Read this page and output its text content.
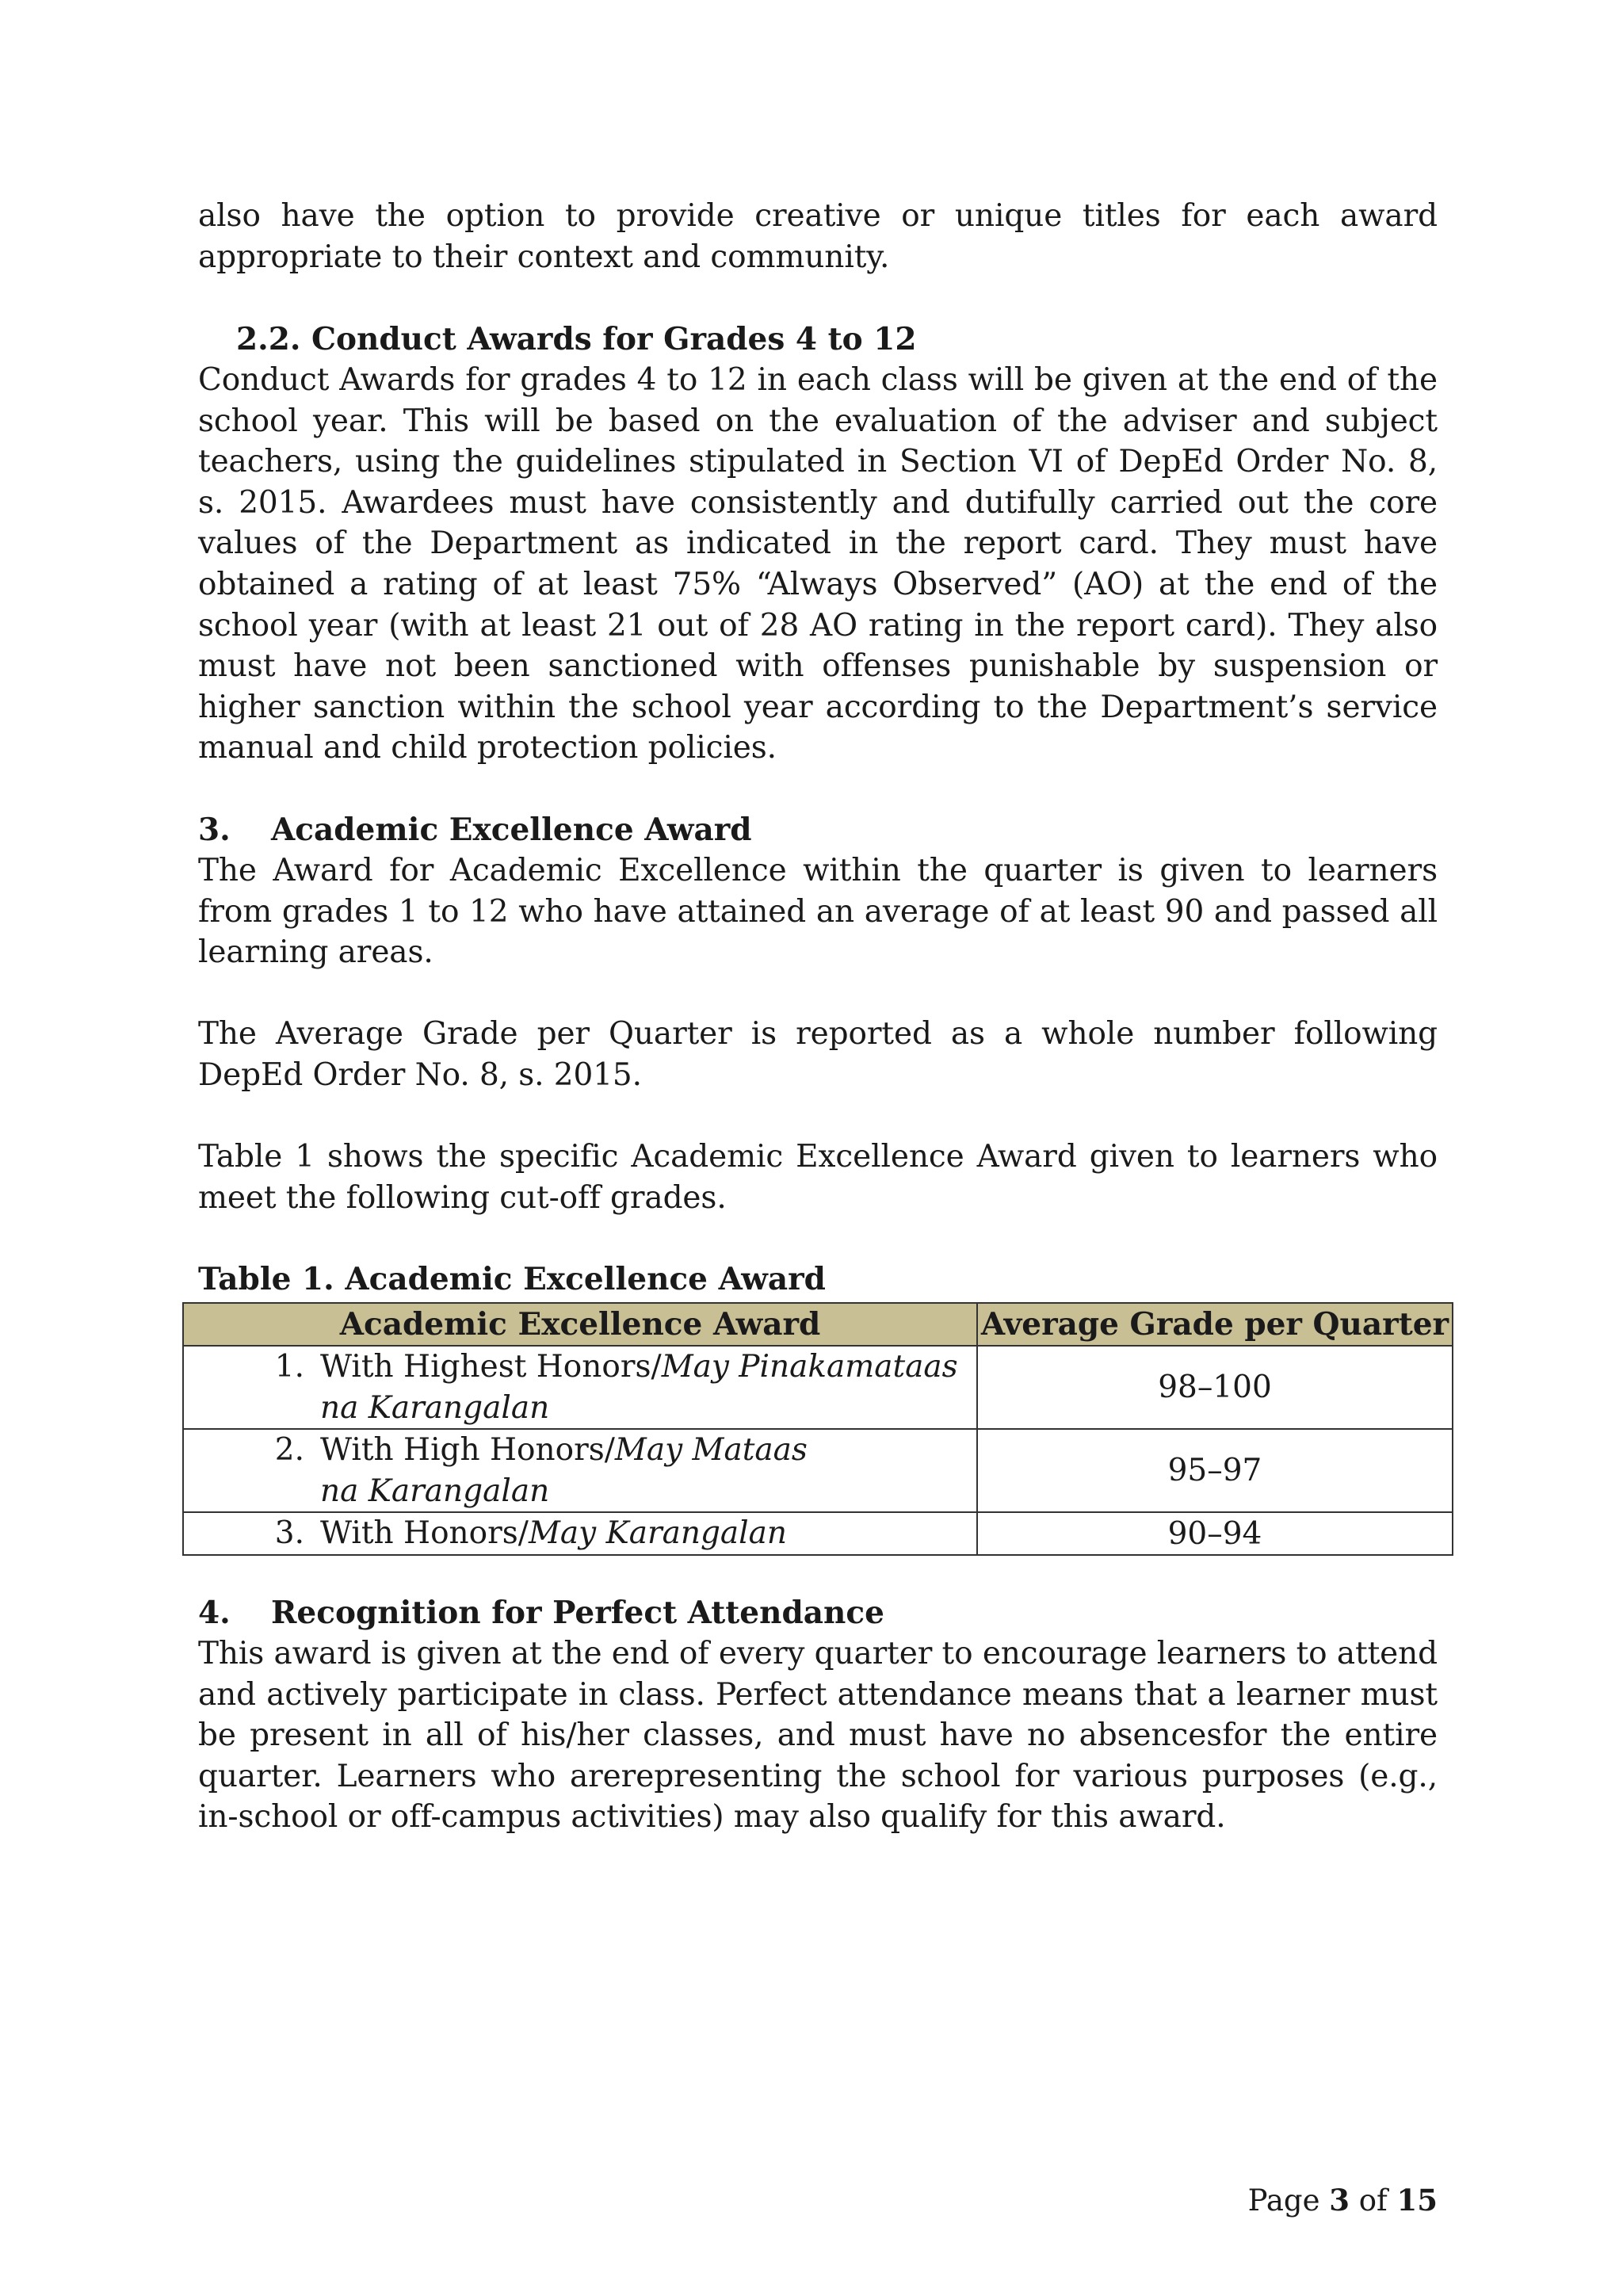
also have the option to provide creative or unique titles for each award appropriate to their context and community.

2.2. Conduct Awards for Grades 4 to 12

Conduct Awards for grades 4 to 12 in each class will be given at the end of the school year. This will be based on the evaluation of the adviser and subject teachers, using the guidelines stipulated in Section VI of DepEd Order No. 8, s. 2015. Awardees must have consistently and dutifully carried out the core values of the Department as indicated in the report card. They must have obtained a rating of at least 75% “Always Observed” (AO) at the end of the school year (with at least 21 out of 28 AO rating in the report card). They also must have not been sanctioned with offenses punishable by suspension or higher sanction within the school year according to the Department’s service manual and child protection policies.

3. Academic Excellence Award

The Award for Academic Excellence within the quarter is given to learners from grades 1 to 12 who have attained an average of at least 90 and passed all learning areas.

The Average Grade per Quarter is reported as a whole number following DepEd Order No. 8, s. 2015.

Table 1 shows the specific Academic Excellence Award given to learners who meet the following cut-off grades.

Table 1. Academic Excellence Award

4. Recognition for Perfect Attendance

This award is given at the end of every quarter to encourage learners to attend and actively participate in class. Perfect attendance means that a learner must be present in all of his/her classes, and must have no absencesfor the entire quarter. Learners who arerepresenting the school for various purposes (e.g., in-school or off-campus activities) may also qualify for this award.

Academic Excellence Award	Average Grade per Quarter

1. With Highest Honors/May Pinakamataas na Karangalan	98–100

2. With High Honors/May Mataas na Karangalan	95–97

3. With Honors/May Karangalan	90–94
Page 3 of 15
